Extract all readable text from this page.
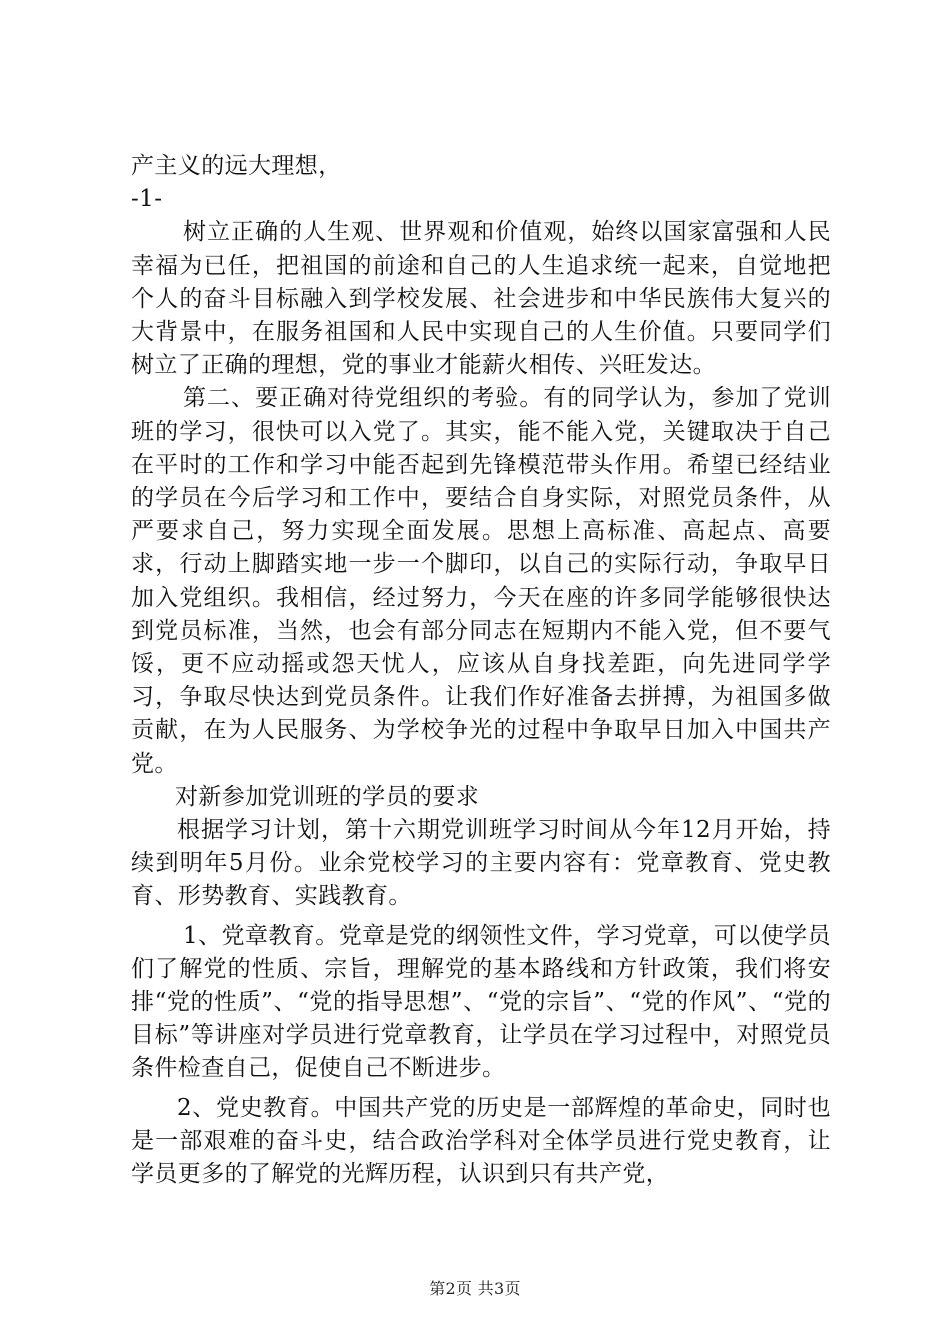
产主义的远大理想，

-1-

树立正确的人生观、世界观和价值观，始终以国家富强和人民幸福为已任，把祖国的前途和自己的人生追求统一起来，自觉地把个人的奋斗目标融入到学校发展、社会进步和中华民族伟大复兴的大背景中，在服务祖国和人民中实现自己的人生价值。只要同学们树立了正确的理想，党的事业才能薪火相传、兴旺发达。

第二、要正确对待党组织的考验。有的同学认为，参加了党训班的学习，很快可以入党了。其实，能不能入党，关键取决于自己在平时的工作和学习中能否起到先锋模范带头作用。希望已经结业的学员在今后学习和工作中，要结合自身实际，对照党员条件，从严要求自己，努力实现全面发展。思想上高标准、高起点、高要求，行动上脚踏实地一步一个脚印，以自己的实际行动，争取早日加入党组织。我相信，经过努力，今天在座的许多同学能够很快达到党员标准，当然，也会有部分同志在短期内不能入党，但不要气馁，更不应动摇或怨天忧人，应该从自身找差距，向先进同学学习，争取尽快达到党员条件。让我们作好准备去拼搏，为祖国多做贡献，在为人民服务、为学校争光的过程中争取早日加入中国共产党。

对新参加党训班的学员的要求

根据学习计划，第十六期党训班学习时间从今年12月开始，持续到明年5月份。业余党校学习的主要内容有：党章教育、党史教育、形势教育、实践教育。

1、党章教育。党章是党的纲领性文件，学习党章，可以使学员们了解党的性质、宗旨，理解党的基本路线和方针政策，我们将安排“党的性质”、“党的指导思想”、“党的宗旨”、“党的作风”、“党的目标”等讲座对学员进行党章教育，让学员在学习过程中，对照党员条件检查自己，促使自己不断进步。

2、党史教育。中国共产党的历史是一部辉煌的革命史，同时也是一部艰难的奋斗史，结合政治学科对全体学员进行党史教育，让学员更多的了解党的光辉历程，认识到只有共产党，

第2页 共3页
